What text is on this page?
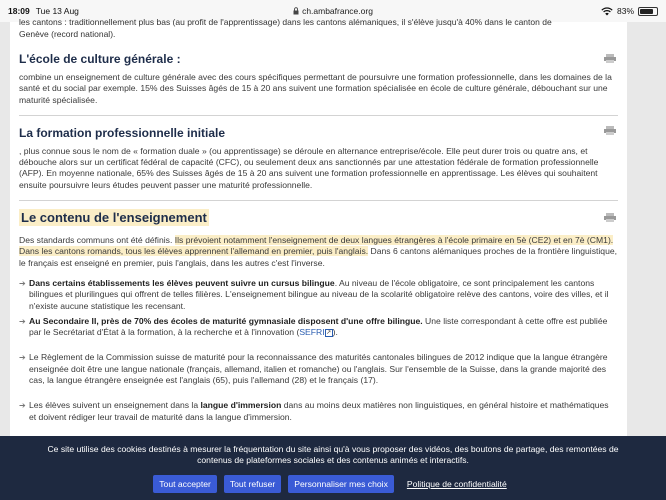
18:09 Tue 13 Aug	ch.ambafrance.org	83%

les cantons : traditionnellement plus bas (au profit de l'apprentissage) dans les cantons alémaniques, il s'élève jusqu'à 40% dans le canton de
Genève (record national).

L'école de culture générale :

combine un enseignement de culture générale avec des cours spécifiques permettant de poursuivre une formation professionnelle, dans les domaines de la santé et du social par exemple. 15% des Suisses âgés de 15 à 20 ans suivent une formation spécialisée en école de culture générale, débouchant sur une maturité spécialisée.

La formation professionnelle initiale

, plus connue sous le nom de « formation duale » (ou apprentissage) se déroule en alternance entreprise/école. Elle peut durer trois ou quatre ans, et débouche alors sur un certificat fédéral de capacité (CFC), ou seulement deux ans sanctionnés par une attestation fédérale de formation professionnelle (AFP). En moyenne nationale, 65% des Suisses âgés de 15 à 20 ans suivent une formation professionnelle en apprentissage. Les élèves qui souhaitent ensuite poursuivre leurs études peuvent passer une maturité professionnelle.

Le contenu de l'enseignement

Des standards communs ont été définis. Ils prévoient notamment l'enseignement de deux langues étrangères à l'école primaire en 5è (CE2) et en 7è (CM1). Dans les cantons romands, tous les élèves apprennent l'allemand en premier, puis l'anglais. Dans 6 cantons alémaniques proches de la frontière linguistique, le français est enseigné en premier, puis l'anglais, dans les autres c'est l'inverse.

➔ Dans certains établissements les élèves peuvent suivre un cursus bilingue. Au niveau de l'école obligatoire, ce sont principalement les cantons bilingues et plurilingues qui offrent de telles filières. L'enseignement bilingue au niveau de la scolarité obligatoire relève des cantons, voire des villes, et il n'existe aucune statistique les recensant.
➔ Au Secondaire II, près de 70% des écoles de maturité gymnasiale disposent d'une offre bilingue. Une liste correspondant à cette offre est publiée par le Secrétariat d'État à la formation, à la recherche et à l'innovation (SEFRI↗).
➔ Le Règlement de la Commission suisse de maturité pour la reconnaissance des maturités cantonales bilingues de 2012 indique que la langue étrangère enseignée doit être une langue nationale (français, allemand, italien et romanche) ou l'anglais. Sur l'ensemble de la Suisse, dans la grande majorité des cas, la langue étrangère enseignée est l'anglais (65), puis l'allemand (28) et le français (17).
➔ Les élèves suivent un enseignement dans la langue d'immersion dans au moins deux matières non linguistiques, en général histoire et mathématiques et doivent rédiger leur travail de maturité dans la langue d'immersion.

Ce site utilise des cookies destinés à mesurer la fréquentation du site ainsi qu'à vous proposer des vidéos, des boutons de partage, des remontées de contenus de plateformes sociales et des contenus animés et interactifs.

Tout accepter	Tout refuser	Personnaliser mes choix	Politique de confidentialité
